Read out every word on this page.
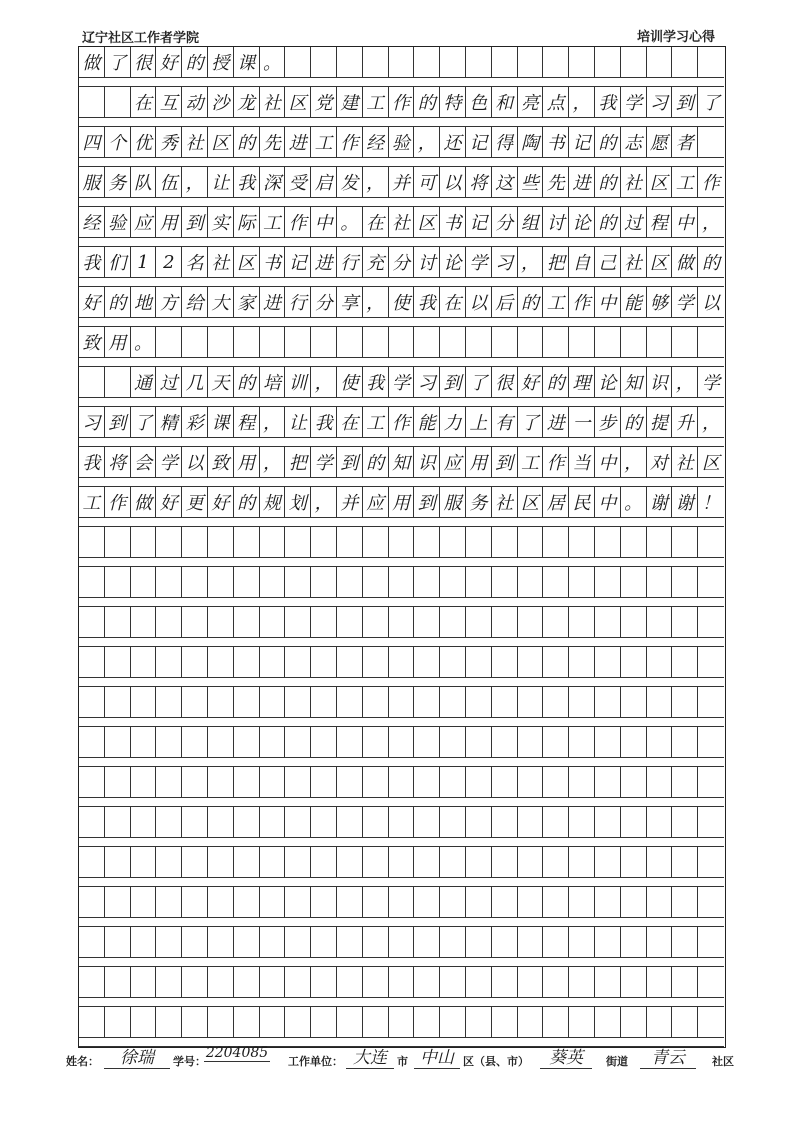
辽宁社区工作者学院	培训学习心得
做 了 很 好 的 授 课 。
在 互 动 沙 龙 社 区 党 建 工 作 的 特 色 和 亮 点 ， 我 学 习 到 了
四 个 优 秀 社 区 的 先 进 工 作 经 验 ， 还 记 得 陶 书 记 的 志 愿 者
服 务 队 伍 ， 让 我 深 受 启 发 ， 并 可 以 将 这 些 先 进 的 社 区 工 作
经 验 应 用 到 实 际 工 作 中 。 在 社 区 书 记 分 组 讨 论 的 过 程 中 ，
我 们 1 2 名 社 区 书 记 进 行 充 分 讨 论 学 习 ， 把 自 己 社 区 做 的
好 的 地 方 给 大 家 进 行 分 享 ， 使 我 在 以 后 的 工 作 中 能 够 学 以
致 用 。
通 过 几 天 的 培 训 ， 使 我 学 习 到 了 很 好 的 理 论 知 识 ， 学
习 到 了 精 彩 课 程 ， 让 我 在 工 作 能 力 上 有 了 进 一 步 的 提 升 ，
我 将 会 学 以 致 用 ， 把 学 到 的 知 识 应 用 到 工 作 当 中 ， 对 社 区
工 作 做 好 更 好 的 规 划 ， 并 应 用 到 服 务 社 区 居 民 中 。 谢 谢 ！
姓名：	徐瑞	学号：
2204085
工作单位： 大连 市 中山 区（县、市）	葵英	街道	青云	社区
